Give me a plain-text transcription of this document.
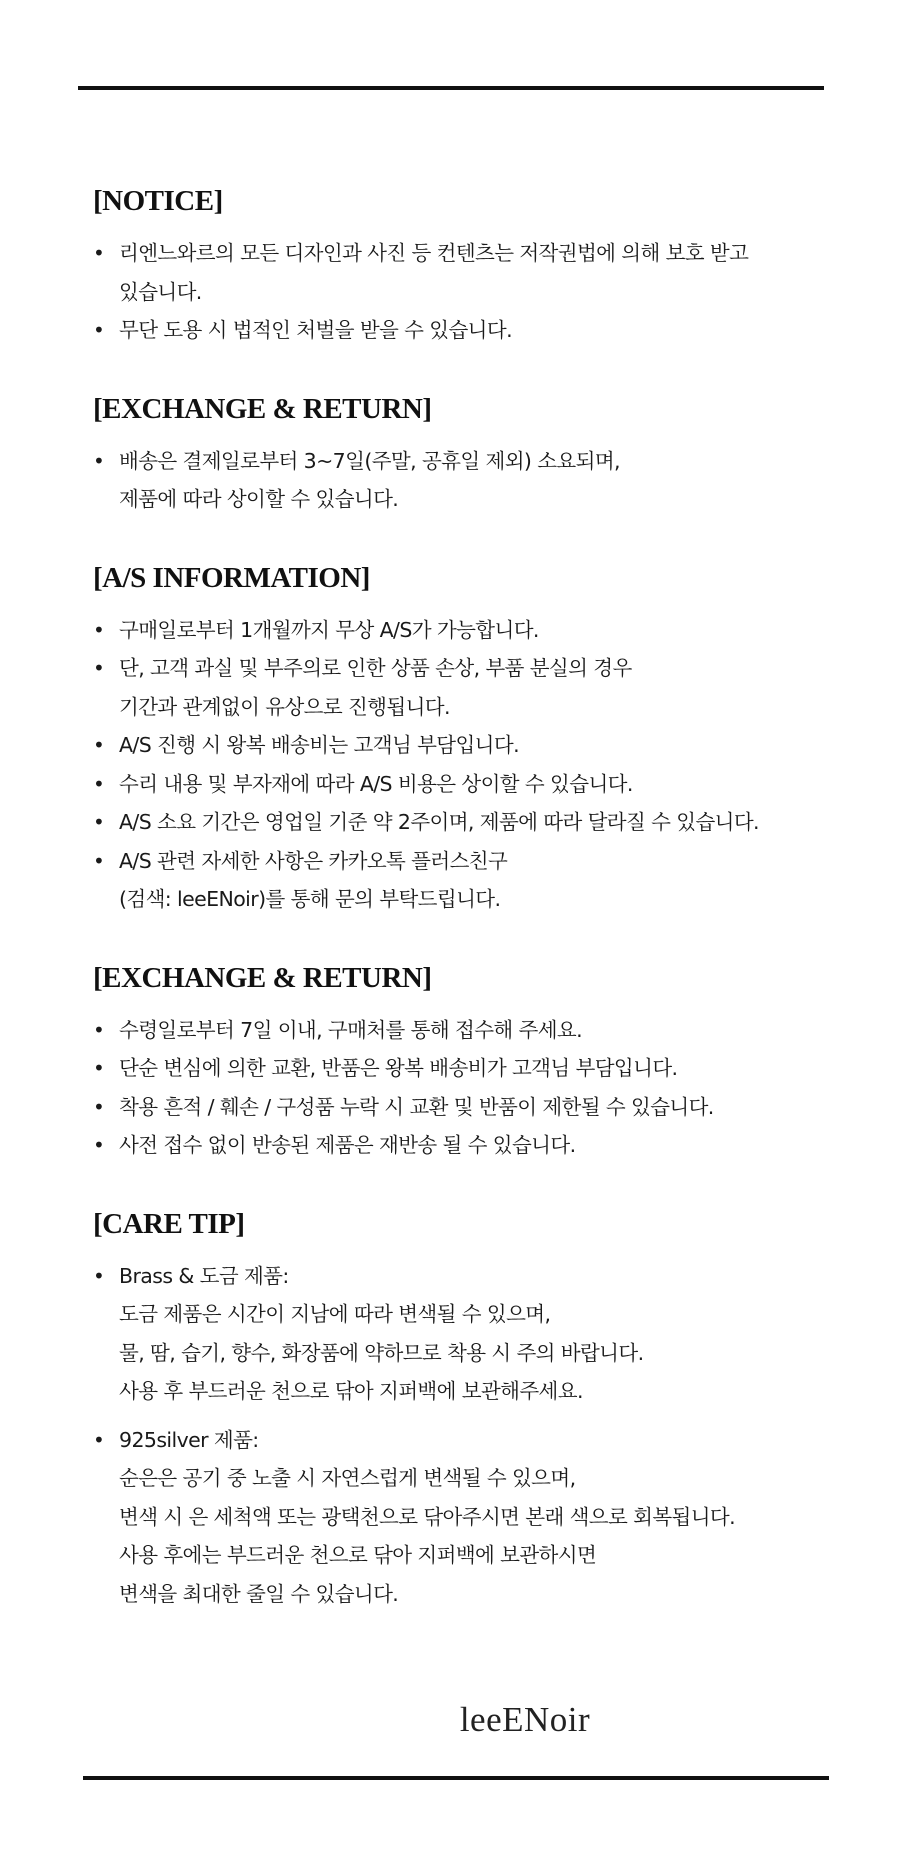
[NOTICE]
• 리엔느와르의 모든 디자인과 사진 등 컨텐츠는 저작권법에 의해 보호 받고
있습니다.
• 무단 도용 시 법적인 처벌을 받을 수 있습니다.
[EXCHANGE & RETURN]
• 배송은 결제일로부터 3~7일(주말, 공휴일 제외) 소요되며,
제품에 따라 상이할 수 있습니다.
[A/S INFORMATION]
• 구매일로부터 1개월까지 무상 A/S가 가능합니다.
• 단, 고객 과실 및 부주의로 인한 상품 손상, 부품 분실의 경우
기간과 관계없이 유상으로 진행됩니다.
• A/S 진행 시 왕복 배송비는 고객님 부담입니다.
• 수리 내용 및 부자재에 따라 A/S 비용은 상이할 수 있습니다.
• A/S 소요 기간은 영업일 기준 약 2주이며, 제품에 따라 달라질 수 있습니다.
• A/S 관련 자세한 사항은 카카오톡 플러스친구
(검색: leeENoir)를 통해 문의 부탁드립니다.
[EXCHANGE & RETURN]
• 수령일로부터 7일 이내, 구매처를 통해 접수해 주세요.
• 단순 변심에 의한 교환, 반품은 왕복 배송비가 고객님 부담입니다.
• 착용 흔적 / 훼손 / 구성품 누락 시 교환 및 반품이 제한될 수 있습니다.
• 사전 접수 없이 반송된 제품은 재반송 될 수 있습니다.
[CARE TIP]
• Brass & 도금 제품:
도금 제품은 시간이 지남에 따라 변색될 수 있으며,
물, 땀, 습기, 향수, 화장품에 약하므로 착용 시 주의 바랍니다.
사용 후 부드러운 천으로 닦아 지퍼백에 보관해주세요.
• 925silver 제품:
순은은 공기 중 노출 시 자연스럽게 변색될 수 있으며,
변색 시 은 세척액 또는 광택천으로 닦아주시면 본래 색으로 회복됩니다.
사용 후에는 부드러운 천으로 닦아 지퍼백에 보관하시면
변색을 최대한 줄일 수 있습니다.
leeENoir
